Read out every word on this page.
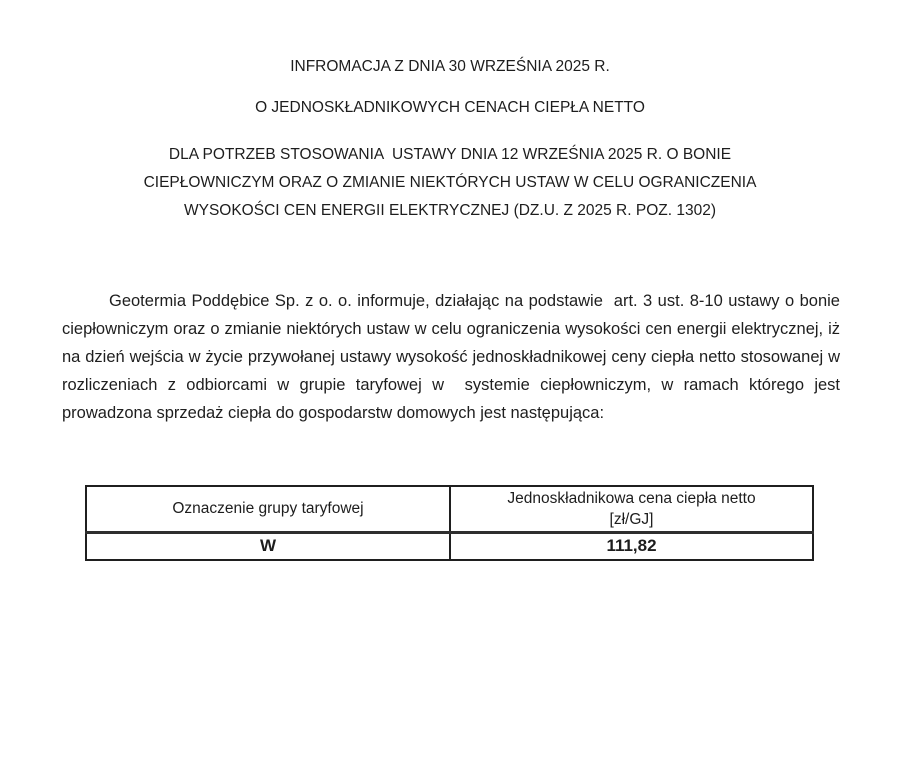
INFROMACJA Z DNIA 30 WRZEŚNIA 2025 R.
O JEDNOSKŁADNIKOWYCH CENACH CIEPŁA NETTO
DLA POTRZEB STOSOWANIA  USTAWY DNIA 12 WRZEŚNIA 2025 R. O BONIE CIEPŁOWNICZYM ORAZ O ZMIANIE NIEKTÓRYCH USTAW W CELU OGRANICZENIA WYSOKOŚCI CEN ENERGII ELEKTRYCZNEJ (DZ.U. Z 2025 R. POZ. 1302)

Geotermia Poddębice Sp. z o. o. informuje, działając na podstawie  art. 3 ust. 8-10 ustawy o bonie ciepłowniczym oraz o zmianie niektórych ustaw w celu ograniczenia wysokości cen energii elektrycznej, iż na dzień wejścia w życie przywołanej ustawy wysokość jednoskładnikowej ceny ciepła netto stosowanej w rozliczeniach z odbiorcami w grupie taryfowej w  systemie ciepłowniczym, w ramach którego jest prowadzona sprzedaż ciepła do gospodarstw domowych jest następująca:

Oznaczenie grupy taryfowej	Jednoskładnikowa cena ciepła netto
[zł/GJ]

W	111,82
